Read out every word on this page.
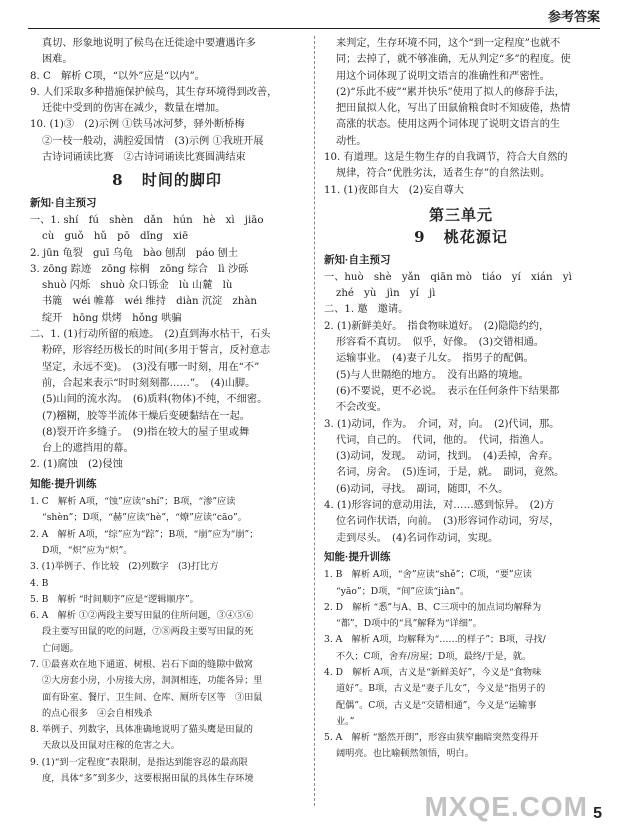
参考答案
真切、形象地说明了候鸟在迁徙途中要遭遇许多
困难。
8. C　解析 C项，“以外”应是“以内”。
9. 人们采取多种措施保护候鸟，其生存环境得到改善，
迁徙中受到的伤害在减少，数量在增加。
10. (1)③　(2)示例 ①铁马冰河梦，驿外断桥梅
②一枝一般动，满腔爱国情　(3)示例 ①我班开展
古诗词诵读比赛　②古诗词诵读比赛圆满结束
8 时间的脚印
新知·自主预习
一、1. shí　fú　shèn　dǎn　hún　hè　xì　jiāo
cù　guǒ　hǔ　pō　dǐng　xiē
2. jūn 龟裂　guī 乌龟　bào 刨刮　páo 刨土
3. zōng 踪迹　zōng 棕榈　zōng 综合　lì 沙砾
shuò 闪烁　shuò 众口铄金　lù 山麓　lù
书簏　wéi 帷幕　wéi 维持　diàn 沉淀　zhàn
绽开　hōng 烘烤　hǒng 哄骗
二、1. (1)行动所留的痕迹。　(2)直到海水枯干，石头
粉碎，形容经历极长的时间(多用于誓言，反衬意志
坚定，永远不变)。　(3)没有哪一时刻，用在“不”
前，合起来表示“时时刻刻都……”。　(4)山脚。
(5)山间的流水沟。　(6)质料(物体)不纯，不细密。
(7)糨糊，胶等半流体干燥后变硬黏结在一起。
(8)裂开许多缝子。　(9)指在较大的屋子里或舞
台上的遮挡用的幕。
2. (1)腐蚀　(2)侵蚀
知能·提升训练
1. C　解析 A项，“蚀”应读“shí”；B项，“渗”应读
“shèn”；D项，“赫”应读“hè”，“燎”应读“cāo”。
2. A　解析 A项，“综”应为“踪”；B项，“崩”应为“崩”；
D项，“炽”应为“炽”。
3. (1)举例子、作比较　(2)列数字　(3)打比方
4. B
5. B　解析 “时间顺序”应是“逻辑顺序”。
6. A　解析 ①②两段主要写田鼠的住所问题，③④⑤⑥
段主要写田鼠的吃的问题，⑦⑧两段主要写田鼠的死
亡问题。
7. ①最喜欢在地下通道、树根、岩石下面的缝隙中做窝
②大房套小房，小房接大房，洞洞相连，功能各异；里
面有卧室、餐厅、卫生间、仓库、厕所专区等　③田鼠
的点心很多　④会自相残杀
8. 举例子、列数字，具体准确地说明了猫头鹰是田鼠的
天敌以及田鼠对庄稼的危害之大。
9. (1)“到一定程度”表限制，是指达到能容忍的最高限
度，具体“多”到多少，这要根据田鼠的具体生存环境
来判定，生存环境不同，这个“到一定程度”也就不
同；去掉了，就不够准确，无从判定“多”的程度。使
用这个词体现了说明文语言的准确性和严密性。
(2)“乐此不疲”“累并快乐”使用了拟人的修辞手法，
把田鼠拟人化，写出了田鼠偷粮食时不知疲倦，热情
高涨的状态。使用这两个词体现了说明文语言的生
动性。
10. 有道理。这是生物生存的自我调节，符合大自然的
规律，符合“优胜劣汰，适者生存”的自然法则。
11. (1)夜郎自大　(2)妄自尊大
第三单元
9 桃花源记
新知·自主预习
一、huò　shè　yǎn　qiān mò　tiáo　yí　xián　yì
zhé　yù　jìn　yí　jì
二、1. 邀　邀请。
2. (1)新鲜美好。　指食物味道好。　(2)隐隐约约，
形容看不真切。　似乎，好像。　(3)交错相通。
运输事业。　(4)妻子儿女。　指男子的配偶。
(5)与人世隔绝的地方。　没有出路的境地。
(6)不要说，更不必说。　表示在任何条件下结果都
不会改变。
3. (1)动词，作为。　介词，对，向。　(2)代词，那。
代词，自己的。　代词，他的。　代词，指渔人。
(3)动词，发现。　动词，找到。　(4)丢掉，舍弃。
名词，房舍。　(5)连词，于是，就。　副词，竟然。
(6)动词，寻找。　副词，随即，不久。
4. (1)形容词的意动用法，对……感到惊异。　(2)方
位名词作状语，向前。　(3)形容词作动词，穷尽，
走到尽头。　(4)名词作动词，实现。
知能·提升训练
1. B　解析 A项，“舍”应读“shě”；C项，“要”应读
“yāo”；D项，“间”应读“jiàn”。
2. D　解析 “悉”与A、B、C三项中的加点词均解释为
“都”，D项中的“具”解释为“详细”。
3. A　解析 A项，均解释为“……的样子”；B项，寻找/
不久；C项，舍弃/房屋；D项，最终/于是，就。
4. D　解析 A项，古义是“新鲜美好”，今义是“食物味
道好”。B项，古义是“妻子儿女”，今义是“指男子的
配偶”。C项，古义是“交错相通”，今义是“运输事
业。”
5. A　解析 “豁然开朗”，形容由狭窄幽暗突然变得开
阔明亮。也比喻顿然领悟，明白。
MXQE.COM 5
